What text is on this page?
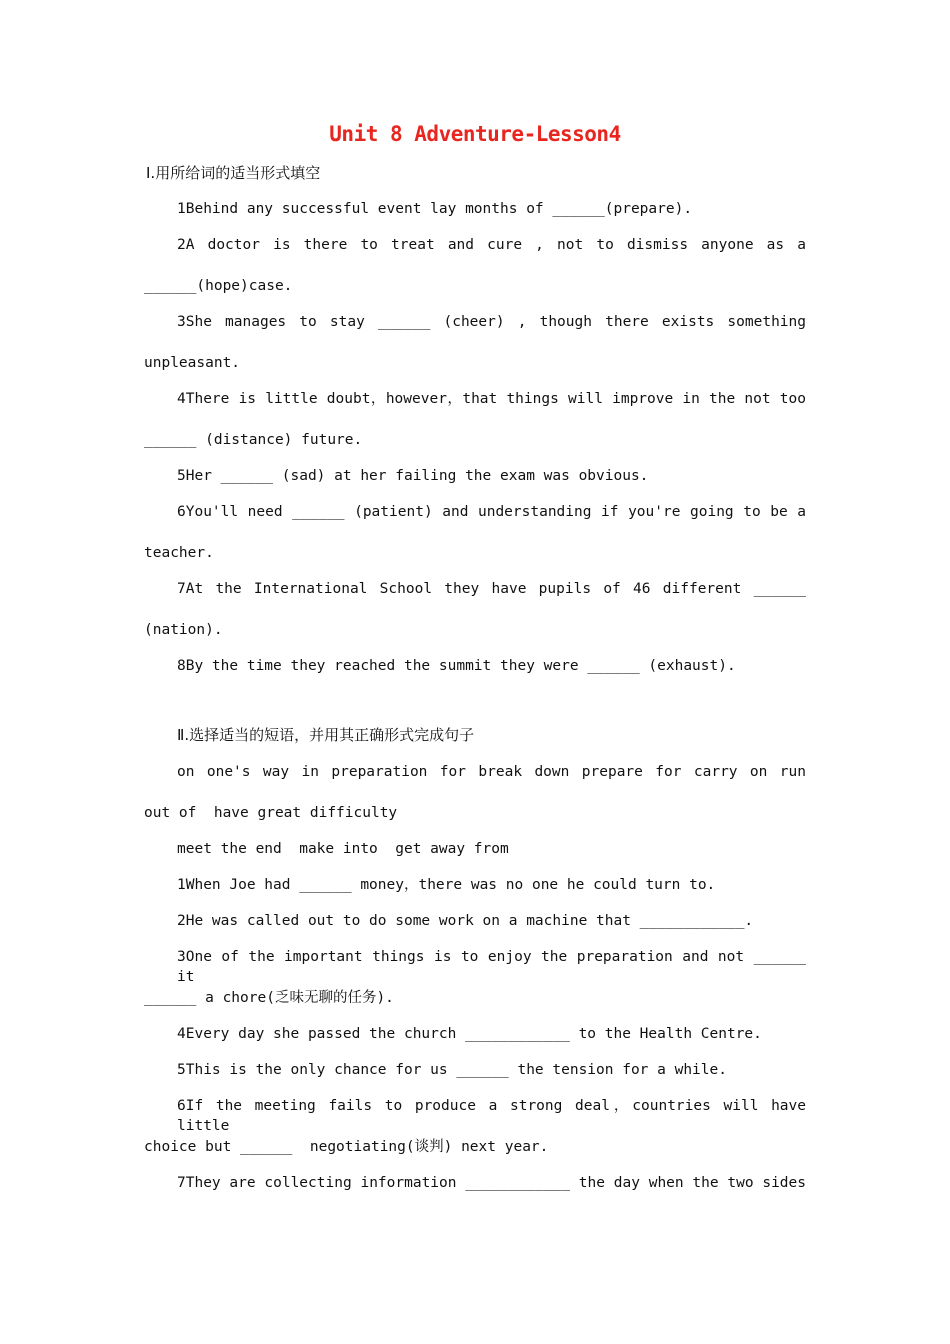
Unit 8 Adventure-Lesson4
Ⅰ.用所给词的适当形式填空
1Behind any successful event lay months of ______(prepare).
2A doctor is there to treat and cure , not to dismiss anyone as a
______(hope)case.
3She manages to stay ______ (cheer) , though there exists something
unpleasant.
4There is little doubt，however，that things will improve in the not too
______ (distance) future.
5Her ______ (sad) at her failing the exam was obvious.
6You'll need ______ (patient) and understanding if you're going to be a
teacher.
7At the International School they have pupils of 46 different ______
(nation).
8By the time they reached the summit they were ______ (exhaust).
Ⅱ.选择适当的短语，并用其正确形式完成句子
on one's way in preparation for break down prepare for carry on run
out of  have great difficulty
meet the end  make into  get away from
1When Joe had ______ money，there was no one he could turn to.
2He was called out to do some work on a machine that ____________.
3One of the important things is to enjoy the preparation and not ______ it
______ a chore(乏味无聊的任务).
4Every day she passed the church ____________ to the Health Centre.
5This is the only chance for us ______ the tension for a while.
6If the meeting fails to produce a strong deal，countries will have little
choice but ______  negotiating(谈判) next year.
7They are collecting information ____________ the day when the two sides
